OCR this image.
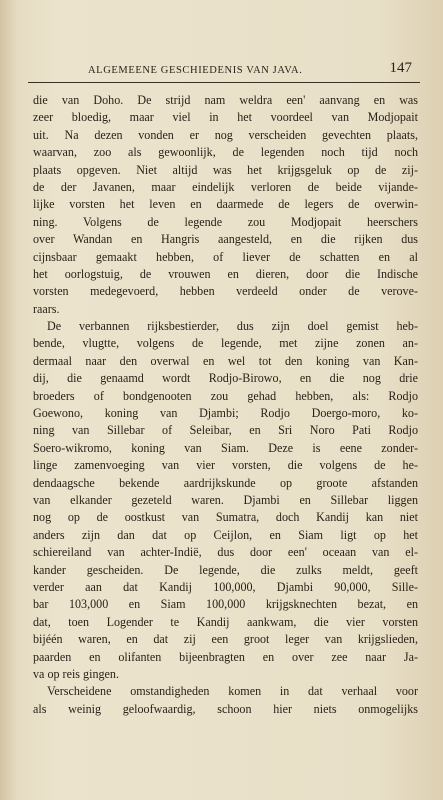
ALGEMEENE GESCHIEDENIS VAN JAVA.	147
die van Doho. De strijd nam weldra een' aanvang en was
zeer bloedig, maar viel in het voordeel van Modjopait
uit. Na dezen vonden er nog verscheiden gevechten plaats,
waarvan, zoo als gewoonlijk, de legenden noch tijd noch
plaats opgeven. Niet altijd was het krijgsgeluk op de zij-
de der Javanen, maar eindelijk verloren de beide vijande-
lijke vorsten het leven en daarmede de legers de overwin-
ning. Volgens de legende zou Modjopait heerschers
over Wandan en Hangris aangesteld, en die rijken dus
cijnsbaar gemaakt hebben, of liever de schatten en al
het oorlogstuig, de vrouwen en dieren, door die Indische
vorsten medegevoerd, hebben verdeeld onder de verove-
raars.
De verbannen rijksbestierder, dus zijn doel gemist heb-
bende, vlugtte, volgens de legende, met zijne zonen an-
dermaal naar den overwal en wel tot den koning van Kan-
dij, die genaamd wordt Rodjo-Birowo, en die nog drie
broeders of bondgenooten zou gehad hebben, als: Rodjo
Goewono, koning van Djambi; Rodjo Doergo-moro, ko-
ning van Sillebar of Seleibar, en Sri Noro Pati Rodjo
Soero-wikromo, koning van Siam. Deze is eene zonder-
linge zamenvoeging van vier vorsten, die volgens de he-
dendaagsche bekende aardrijkskunde op groote afstanden
van elkander gezeteld waren. Djambi en Sillebar liggen
nog op de oostkust van Sumatra, doch Kandij kan niet
anders zijn dan dat op Ceijlon, en Siam ligt op het
schiereiland van achter-Indië, dus door een' oceaan van el-
kander gescheiden. De legende, die zulks meldt, geeft
verder aan dat Kandij 100,000, Djambi 90,000, Sille-
bar 103,000 en Siam 100,000 krijgsknechten bezat, en
dat, toen Logender te Kandij aankwam, die vier vorsten
bijéén waren, en dat zij een groot leger van krijgslieden,
paarden en olifanten bijeenbragten en over zee naar Ja-
va op reis gingen.
Verscheidene omstandigheden komen in dat verhaal voor
als weinig geloofwaardig, schoon hier niets onmogelijks
